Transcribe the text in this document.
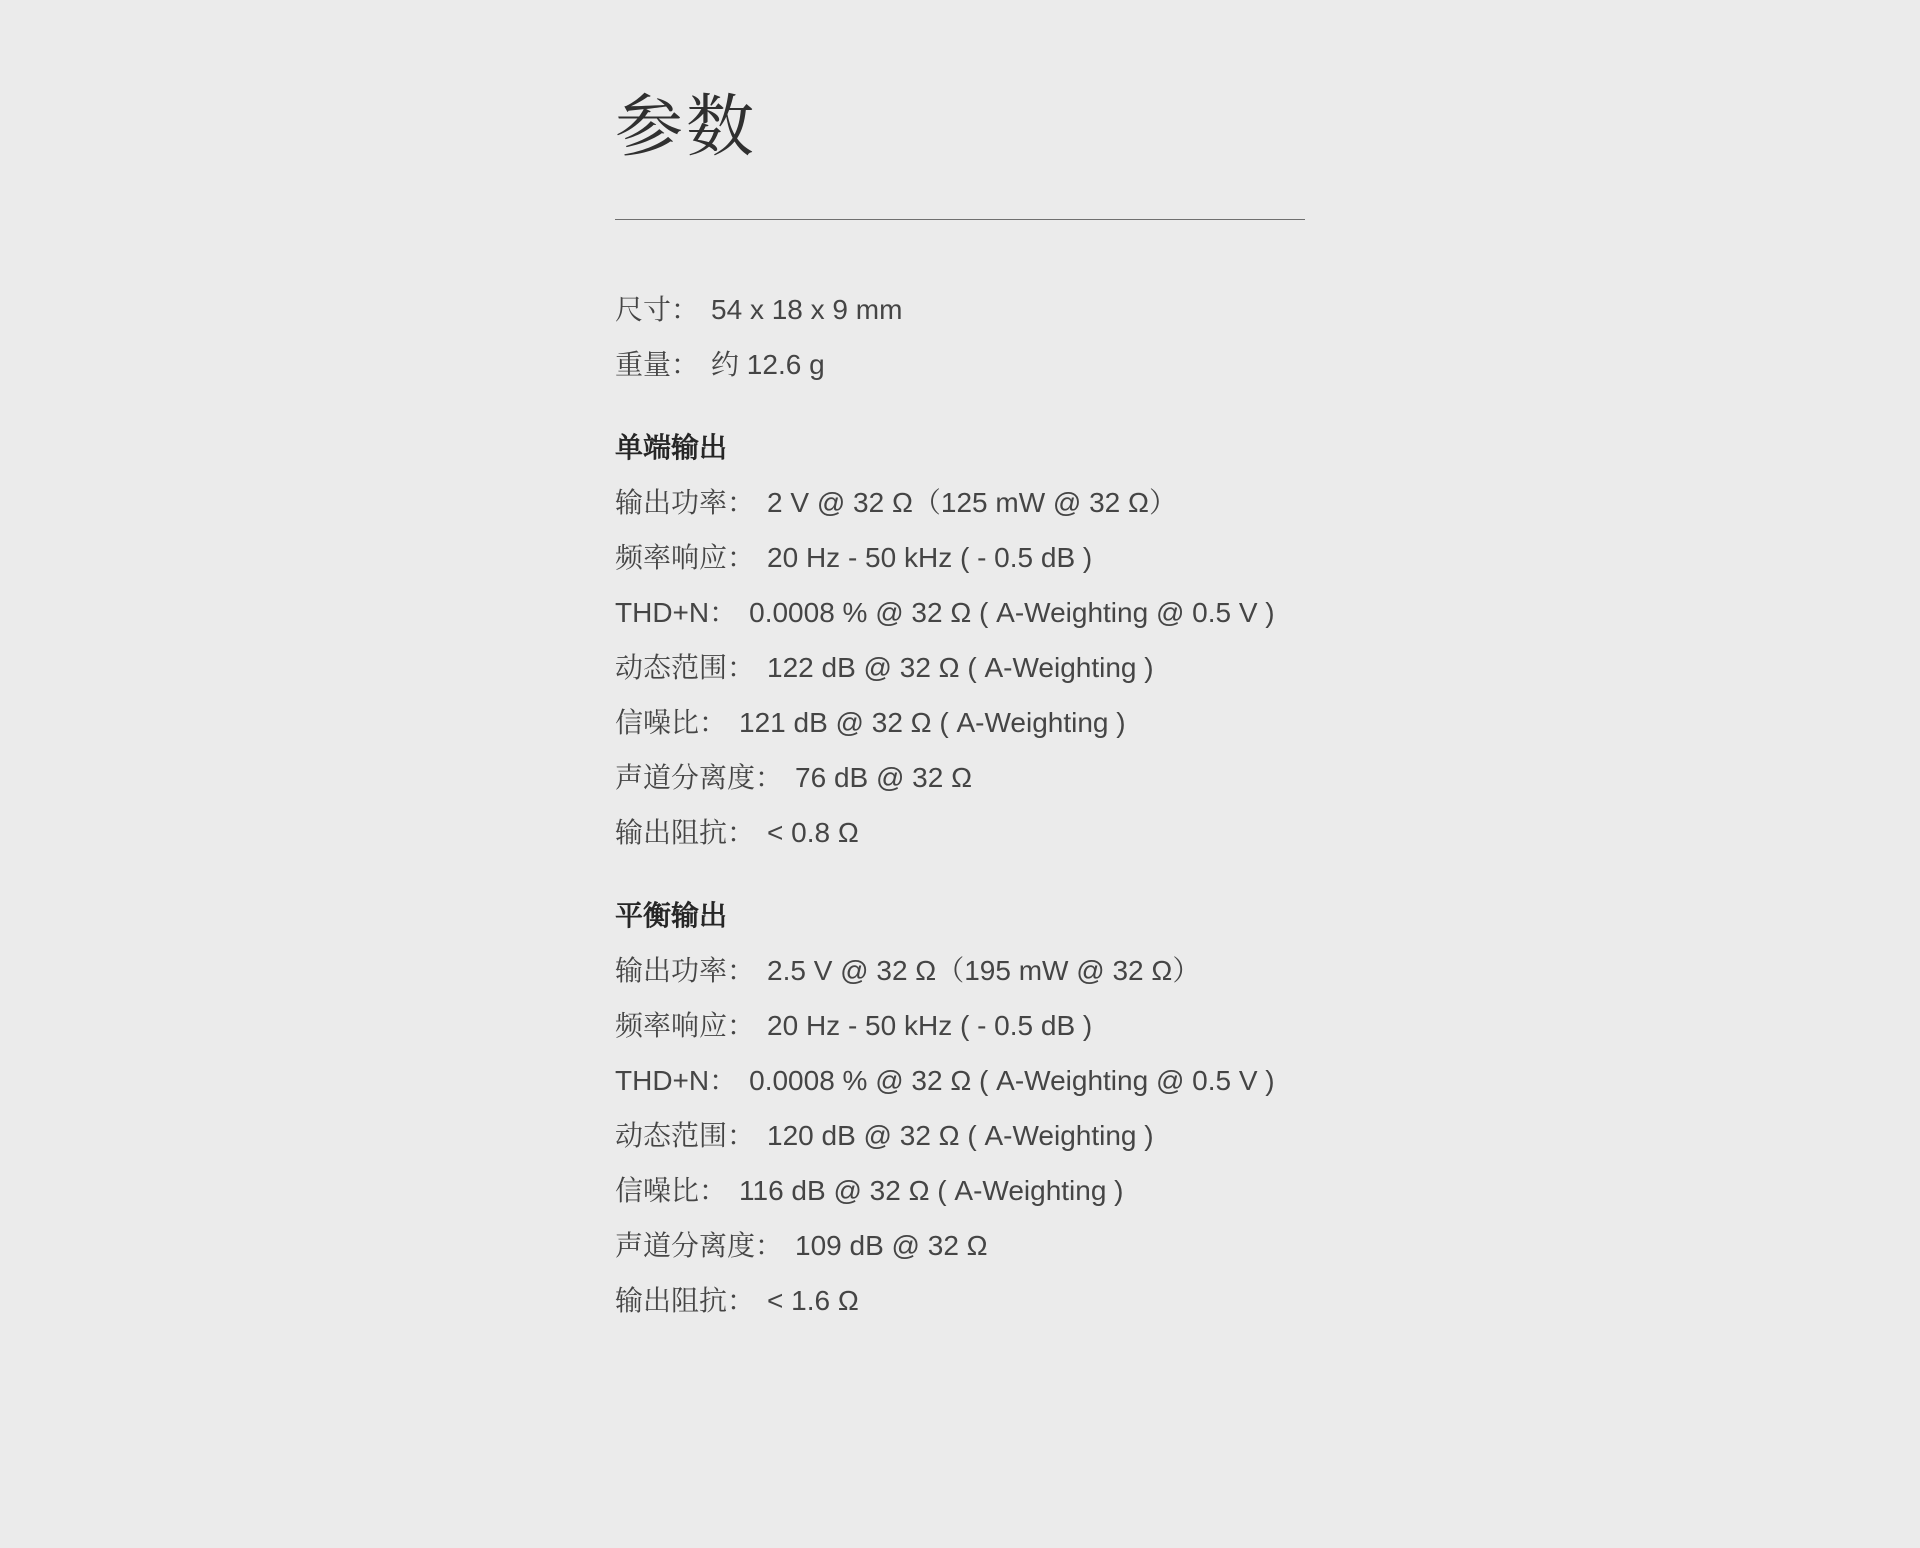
参数
尺寸： 54 x 18 x 9 mm
重量： 约 12.6 g
单端输出
输出功率： 2 V @ 32 Ω（125 mW @ 32 Ω）
频率响应： 20 Hz - 50 kHz ( - 0.5 dB )
THD+N： 0.0008 % @ 32 Ω ( A-Weighting @ 0.5 V )
动态范围： 122 dB @ 32 Ω ( A-Weighting )
信噪比： 121 dB @ 32 Ω ( A-Weighting )
声道分离度： 76 dB @ 32 Ω
输出阻抗： < 0.8 Ω
平衡输出
输出功率： 2.5 V @ 32 Ω（195 mW @ 32 Ω）
频率响应： 20 Hz - 50 kHz ( - 0.5 dB )
THD+N： 0.0008 % @ 32 Ω ( A-Weighting @ 0.5 V )
动态范围： 120 dB @ 32 Ω ( A-Weighting )
信噪比： 116 dB @ 32 Ω ( A-Weighting )
声道分离度： 109 dB @ 32 Ω
输出阻抗： < 1.6 Ω
